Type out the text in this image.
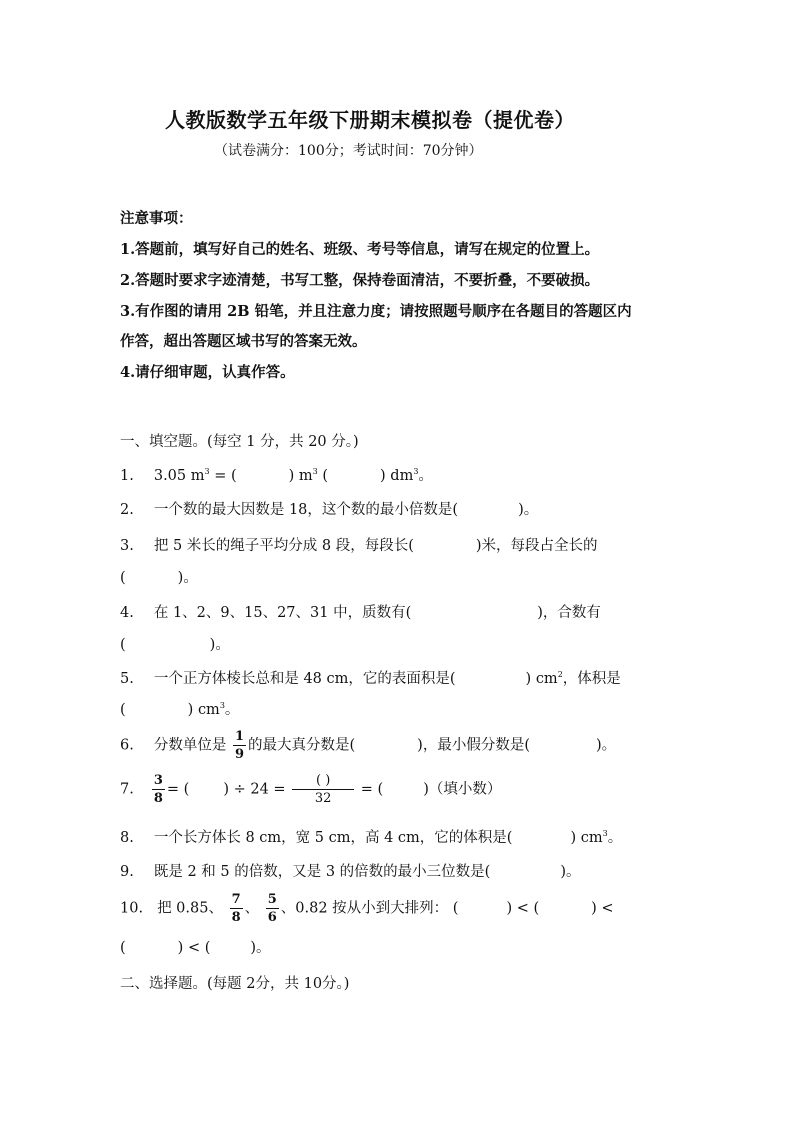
人教版数学五年级下册期末模拟卷（提优卷）
（试卷满分：100分；考试时间：70分钟）
注意事项：
1.答题前，填写好自己的姓名、班级、考号等信息，请写在规定的位置上。
2.答题时要求字迹清楚，书写工整，保持卷面清洁，不要折叠，不要破损。
3.有作图的请用 2B 铅笔，并且注意力度；请按照题号顺序在各题目的答题区内
作答，超出答题区域书写的答案无效。
4.请仔细审题，认真作答。
一、填空题。(每空 1 分，共 20 分。)
1. 3.05 $m^3$ = (	) $m^3$ (	) $dm^3$。
2. 一个数的最大因数是 18，这个数的最小倍数是(	)。
3. 把 5 米长的绳子平均分成 8 段，每段长(	)米，每段占全长的
(	)。
4. 在 1、2、9、15、27、31 中，质数有(	)，合数有
(	)。
5. 一个正方体棱长总和是 48 cm，它的表面积是(	) $cm^2$，体积是
(	) $cm^3$。
6. 分数单位是 $\frac{1}{9}$ 的最大真分数是(	)，最小假分数是(	)。
7. $\frac{3}{8}$ = ( ) ÷ $24 = \frac{( )}{32}$ = (	)（填小数）
8. 一个长方体长 8 cm，宽 5 cm，高 4 cm，它的体积是(	) $cm^3$。
9. 既是 2 和 5 的倍数，又是 3 的倍数的最小三位数是(	)。
10. 把 0.85、 $\frac{7}{8}$ 、 $\frac{5}{6}$ 、0.82 按从小到大排列： (	) < (	) <
(	) < (	)。
二、选择题。(每题 2分，共 10分。)
